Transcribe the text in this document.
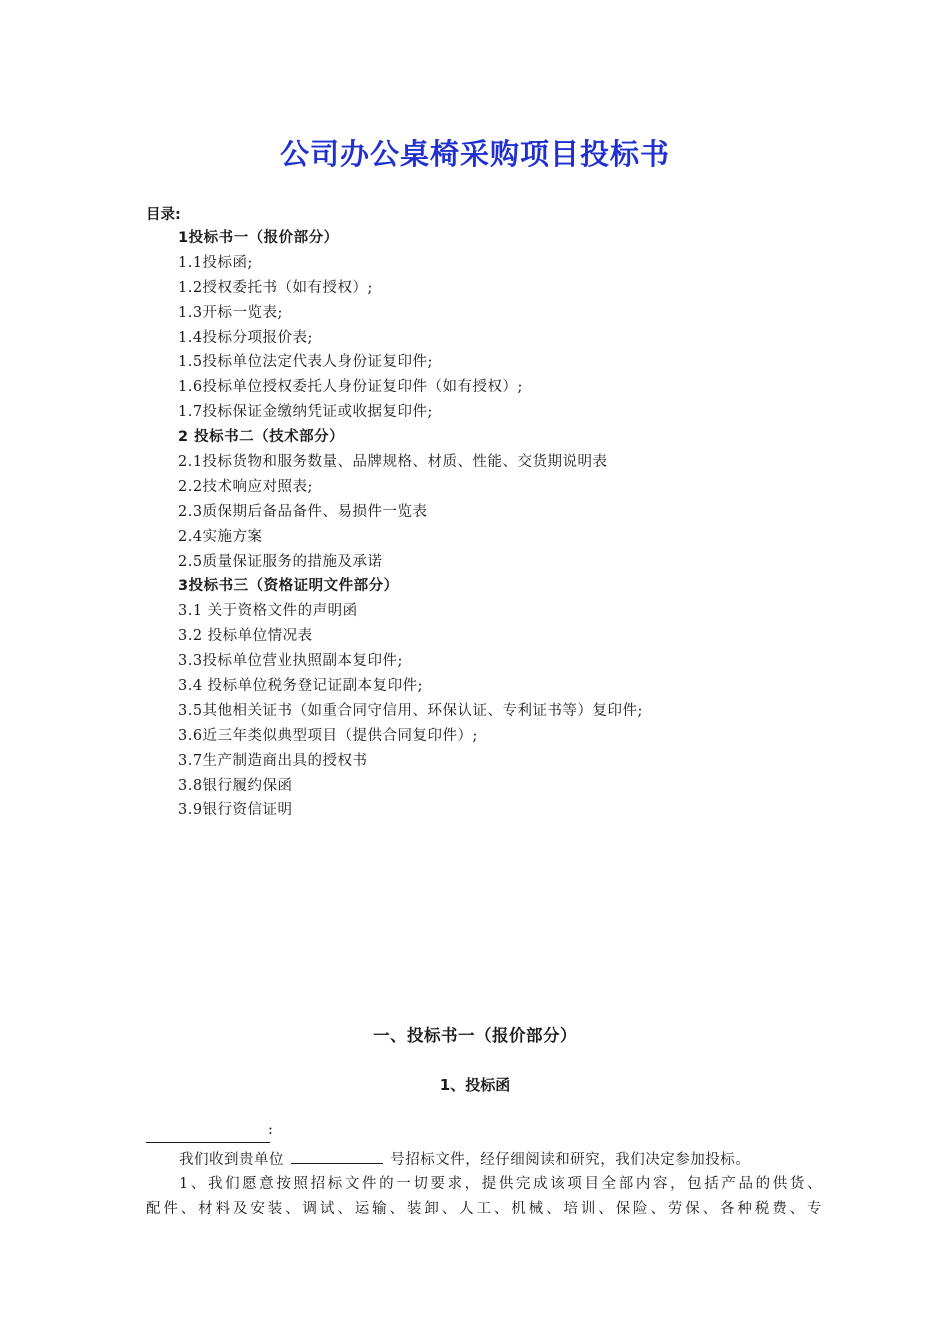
公司办公桌椅采购项目投标书
目录:
1投标书一（报价部分）
1.1投标函;
1.2授权委托书（如有授权）;
1.3开标一览表;
1.4投标分项报价表;
1.5投标单位法定代表人身份证复印件;
1.6投标单位授权委托人身份证复印件（如有授权）;
1.7投标保证金缴纳凭证或收据复印件;
2 投标书二（技术部分）
2.1投标货物和服务数量、品牌规格、材质、性能、交货期说明表
2.2技术响应对照表;
2.3质保期后备品备件、易损件一览表
2.4实施方案
2.5质量保证服务的措施及承诺
3投标书三（资格证明文件部分）
3.1 关于资格文件的声明函
3.2 投标单位情况表
3.3投标单位营业执照副本复印件;
3.4 投标单位税务登记证副本复印件;
3.5其他相关证书（如重合同守信用、环保认证、专利证书等）复印件;
3.6近三年类似典型项目（提供合同复印件）;
3.7生产制造商出具的授权书
3.8银行履约保函
3.9银行资信证明
一、投标书一（报价部分）
1、投标函
:
我们收到贵单位	号招标文件，经仔细阅读和研究，我们决定参加投标。
1、我们愿意按照招标文件的一切要求，提供完成该项目全部内容，包括产品的供货、
配件、材料及安装、调试、运输、装卸、人工、机械、培训、保险、劳保、各种税费、专
